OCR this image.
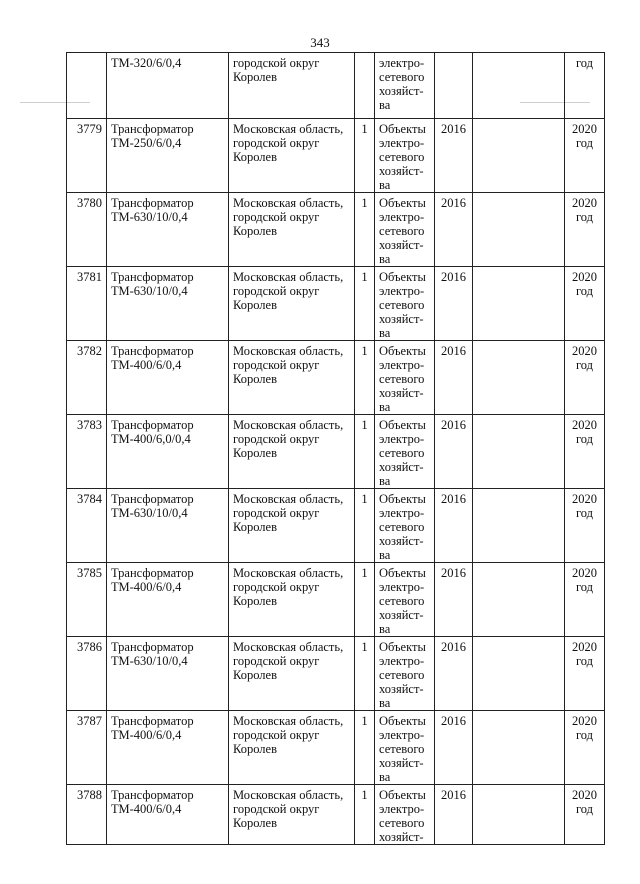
343

	ТМ-320/6/0,4	городской округ
Королев		электро-
сетевого
хозяйст-
ва			год

3779	Трансформатор
ТМ-250/6/0,4	Московская область,
городской округ
Королев	1	Объекты
электро-
сетевого
хозяйст-
ва	2016		2020
год

3780	Трансформатор
ТМ-630/10/0,4	Московская область,
городской округ
Королев	1	Объекты
электро-
сетевого
хозяйст-
ва	2016		2020
год

3781	Трансформатор
ТМ-630/10/0,4	Московская область,
городской округ
Королев	1	Объекты
электро-
сетевого
хозяйст-
ва	2016		2020
год

3782	Трансформатор
ТМ-400/6/0,4	Московская область,
городской округ
Королев	1	Объекты
электро-
сетевого
хозяйст-
ва	2016		2020
год

3783	Трансформатор
ТМ-400/6,0/0,4	Московская область,
городской округ
Королев	1	Объекты
электро-
сетевого
хозяйст-
ва	2016		2020
год

3784	Трансформатор
ТМ-630/10/0,4	Московская область,
городской округ
Королев	1	Объекты
электро-
сетевого
хозяйст-
ва	2016		2020
год

3785	Трансформатор
ТМ-400/6/0,4	Московская область,
городской округ
Королев	1	Объекты
электро-
сетевого
хозяйст-
ва	2016		2020
год

3786	Трансформатор
ТМ-630/10/0,4	Московская область,
городской округ
Королев	1	Объекты
электро-
сетевого
хозяйст-
ва	2016		2020
год

3787	Трансформатор
ТМ-400/6/0,4	Московская область,
городской округ
Королев	1	Объекты
электро-
сетевого
хозяйст-
ва	2016		2020
год

3788	Трансформатор
ТМ-400/6/0,4	Московская область,
городской округ
Королев	1	Объекты
электро-
сетевого
хозяйст-	2016		2020
год
